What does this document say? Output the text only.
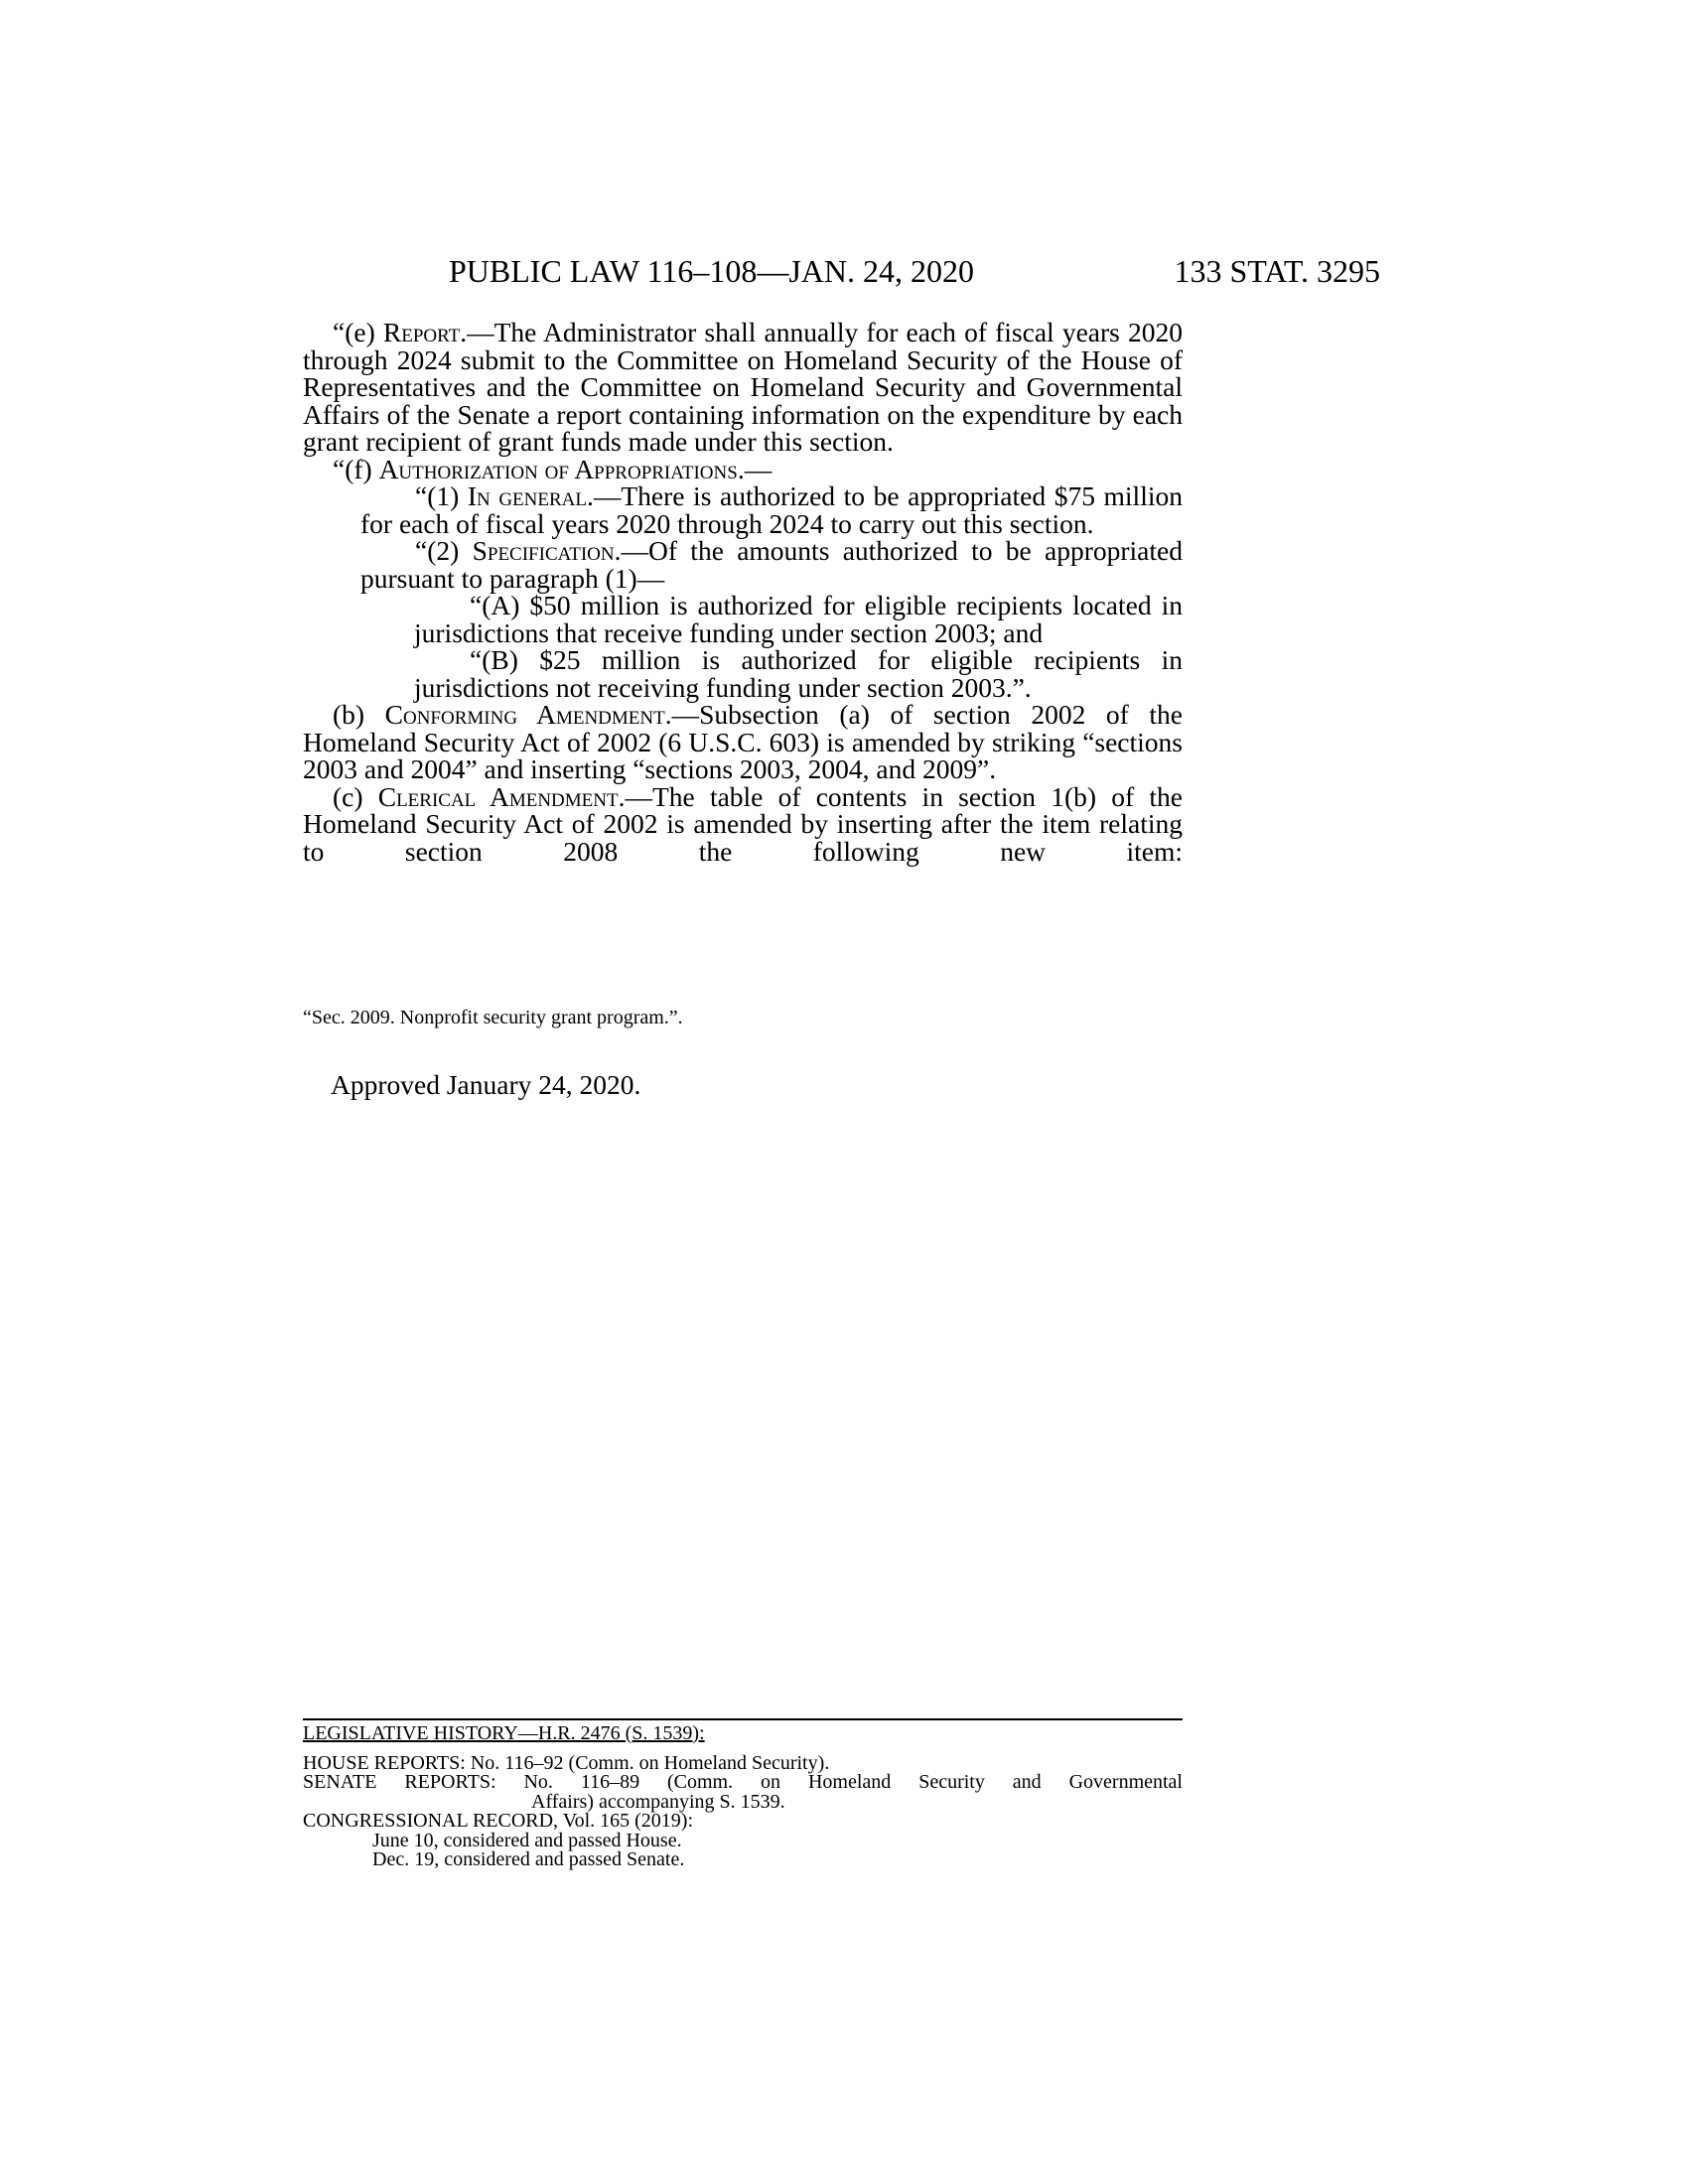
PUBLIC LAW 116–108—JAN. 24, 2020	133 STAT. 3295

“(e) Report.—The Administrator shall annually for each of fiscal years 2020 through 2024 submit to the Committee on Homeland Security of the House of Representatives and the Committee on Homeland Security and Governmental Affairs of the Senate a report containing information on the expenditure by each grant recipient of grant funds made under this section.

“(f) Authorization of Appropriations.—

“(1) In general.—There is authorized to be appropriated $75 million for each of fiscal years 2020 through 2024 to carry out this section.

“(2) Specification.—Of the amounts authorized to be appropriated pursuant to paragraph (1)—

“(A) $50 million is authorized for eligible recipients located in jurisdictions that receive funding under section 2003; and

“(B) $25 million is authorized for eligible recipients in jurisdictions not receiving funding under section 2003.”.

(b) Conforming Amendment.—Subsection (a) of section 2002 of the Homeland Security Act of 2002 (6 U.S.C. 603) is amended by striking “sections 2003 and 2004” and inserting “sections 2003, 2004, and 2009”.

(c) Clerical Amendment.—The table of contents in section 1(b) of the Homeland Security Act of 2002 is amended by inserting after the item relating to section 2008 the following new item:

“Sec. 2009. Nonprofit security grant program.”.
Approved January 24, 2020.

LEGISLATIVE HISTORY—H.R. 2476 (S. 1539):

HOUSE REPORTS: No. 116–92 (Comm. on Homeland Security).

SENATE REPORTS: No. 116–89 (Comm. on Homeland Security and Governmental

Affairs) accompanying S. 1539.

CONGRESSIONAL RECORD, Vol. 165 (2019):

June 10, considered and passed House.

Dec. 19, considered and passed Senate.
